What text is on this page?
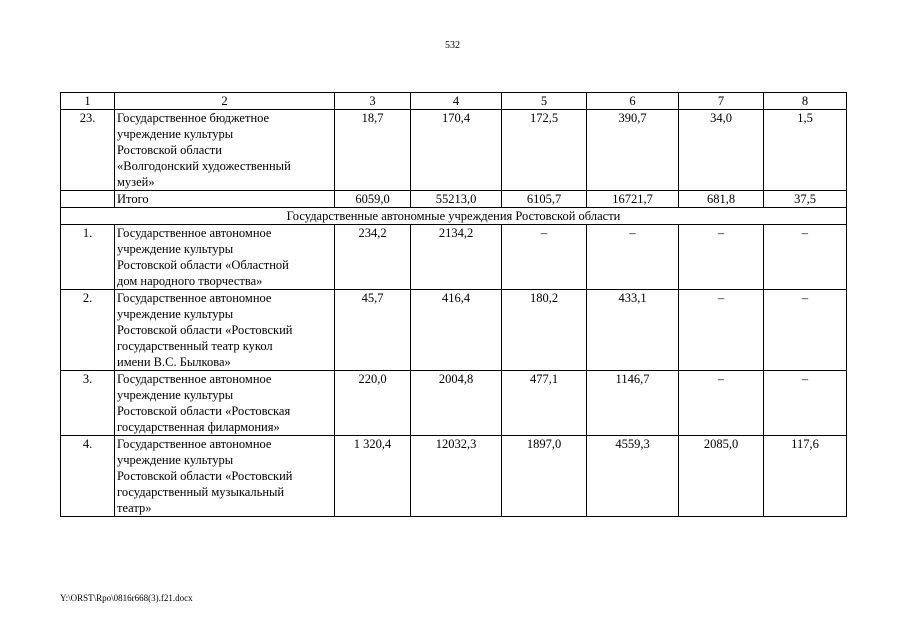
532
1	2	3	4	5	6	7	8
23.	Государственное бюджетное
учреждение культуры
Ростовской области
«Волгодонский художественный
музей»	18,7	170,4	172,5	390,7	34,0	1,5
	Итого	6059,0	55213,0	6105,7	16721,7	681,8	37,5
Государственные автономные учреждения Ростовской области							
1.	Государственное автономное
учреждение культуры
Ростовской области «Областной
дом народного творчества»	234,2	2134,2	–	–	–	–
2.	Государственное автономное
учреждение культуры
Ростовской области «Ростовский
государственный театр кукол
имени В.С. Былкова»	45,7	416,4	180,2	433,1	–	–
3.	Государственное автономное
учреждение культуры
Ростовской области «Ростовская
государственная филармония»	220,0	2004,8	477,1	1146,7	–	–
4.	Государственное автономное
учреждение культуры
Ростовской области «Ростовский
государственный музыкальный
театр»	1 320,4	12032,3	1897,0	4559,3	2085,0	117,6
Y:\ORST\Rpo\0816r668(3).f21.docx
